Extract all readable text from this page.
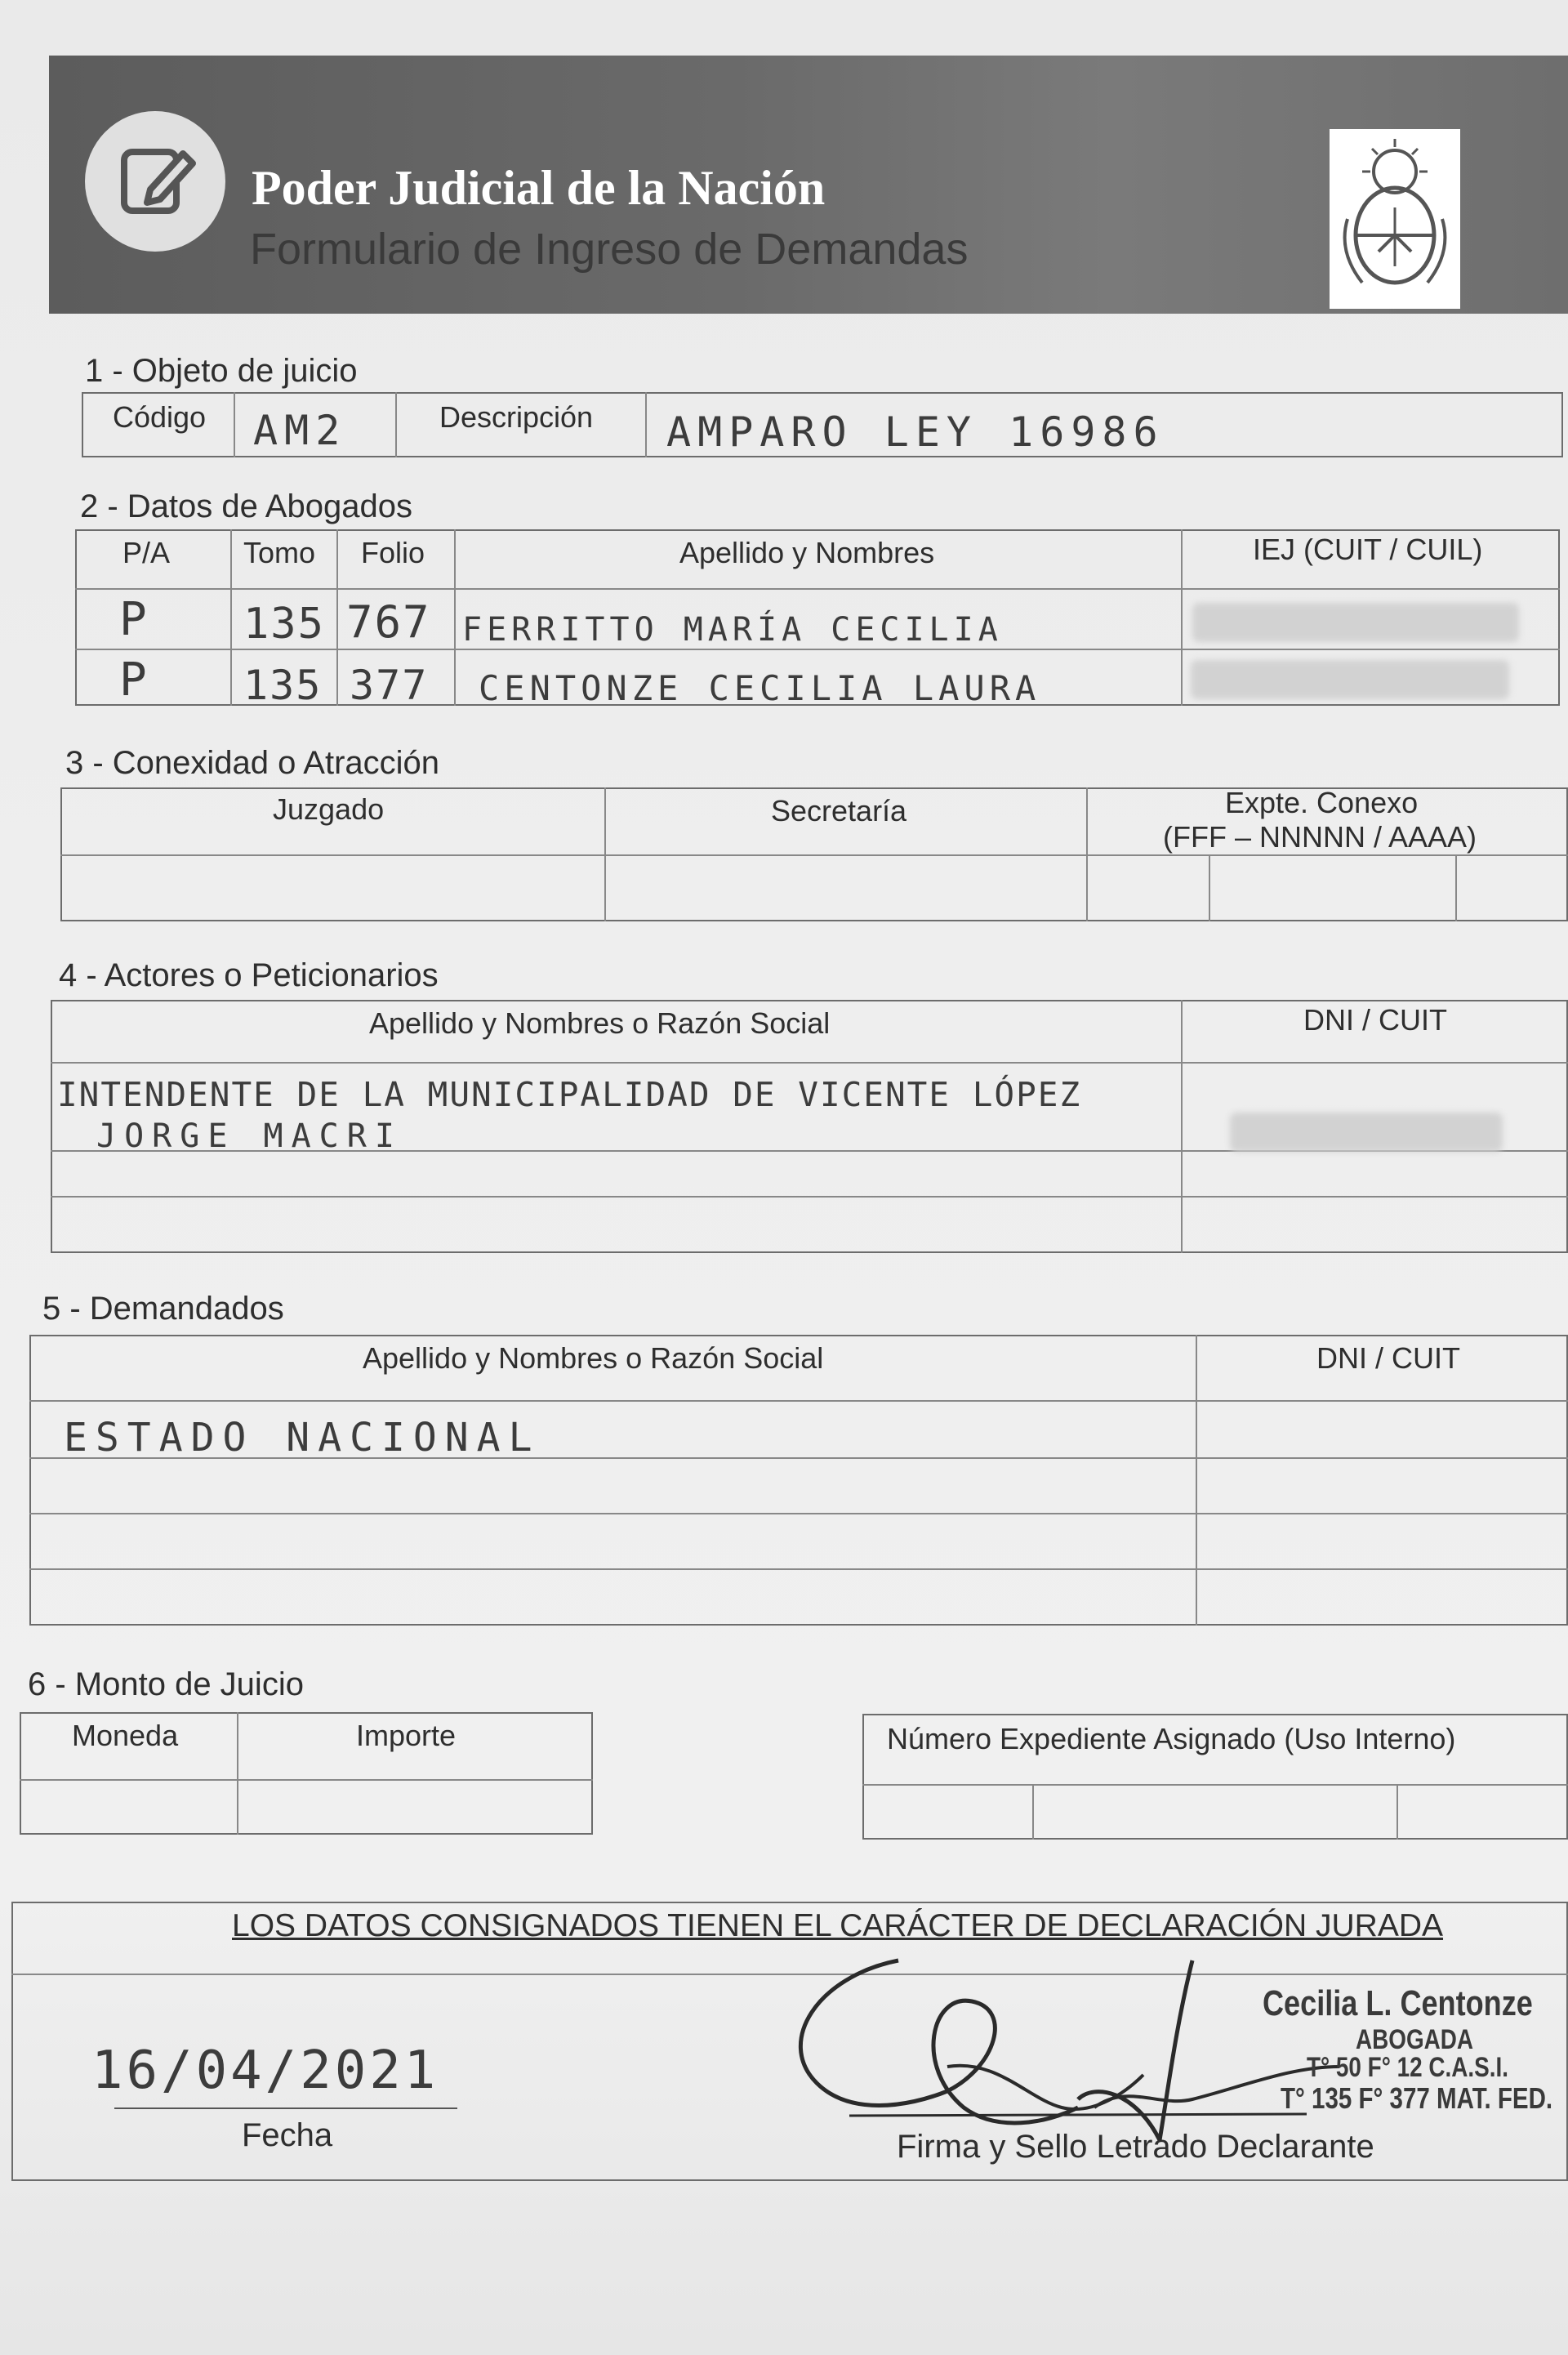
Poder Judicial de la Nación
Formulario de Ingreso de Demandas
1 - Objeto de juicio
Código AM2	Descripción AMPARO LEY 16986
2 - Datos de Abogados
P/A Tomo Folio	Apellido y Nombres	IEJ (CUIT / CUIL)
P 135 767 FERRITTO MARÍA CECILIA
P 135 377 CENTONZE CECILIA LAURA
3 - Conexidad o Atracción
Juzgado	Secretaría	Expte. Conexo
(FFF – NNNNN / AAAA)
4 - Actores o Peticionarios
Apellido y Nombres o Razón Social	DNI / CUIT
INTENDENTE DE LA MUNICIPALIDAD DE VICENTE LÓPEZ
JORGE MACRI
5 - Demandados
Apellido y Nombres o Razón Social	DNI / CUIT
ESTADO NACIONAL
6 - Monto de Juicio
Moneda	Importe	Número Expediente Asignado (Uso Interno)
LOS DATOS CONSIGNADOS TIENEN EL CARÁCTER DE DECLARACIÓN JURADA
16/04/2021
Fecha
Cecilia L. Centonze
ABOGADA
T° 50 F° 12 C.A.S.I.
T° 135 F° 377 MAT. FED.
Firma y Sello Letrado Declarante
